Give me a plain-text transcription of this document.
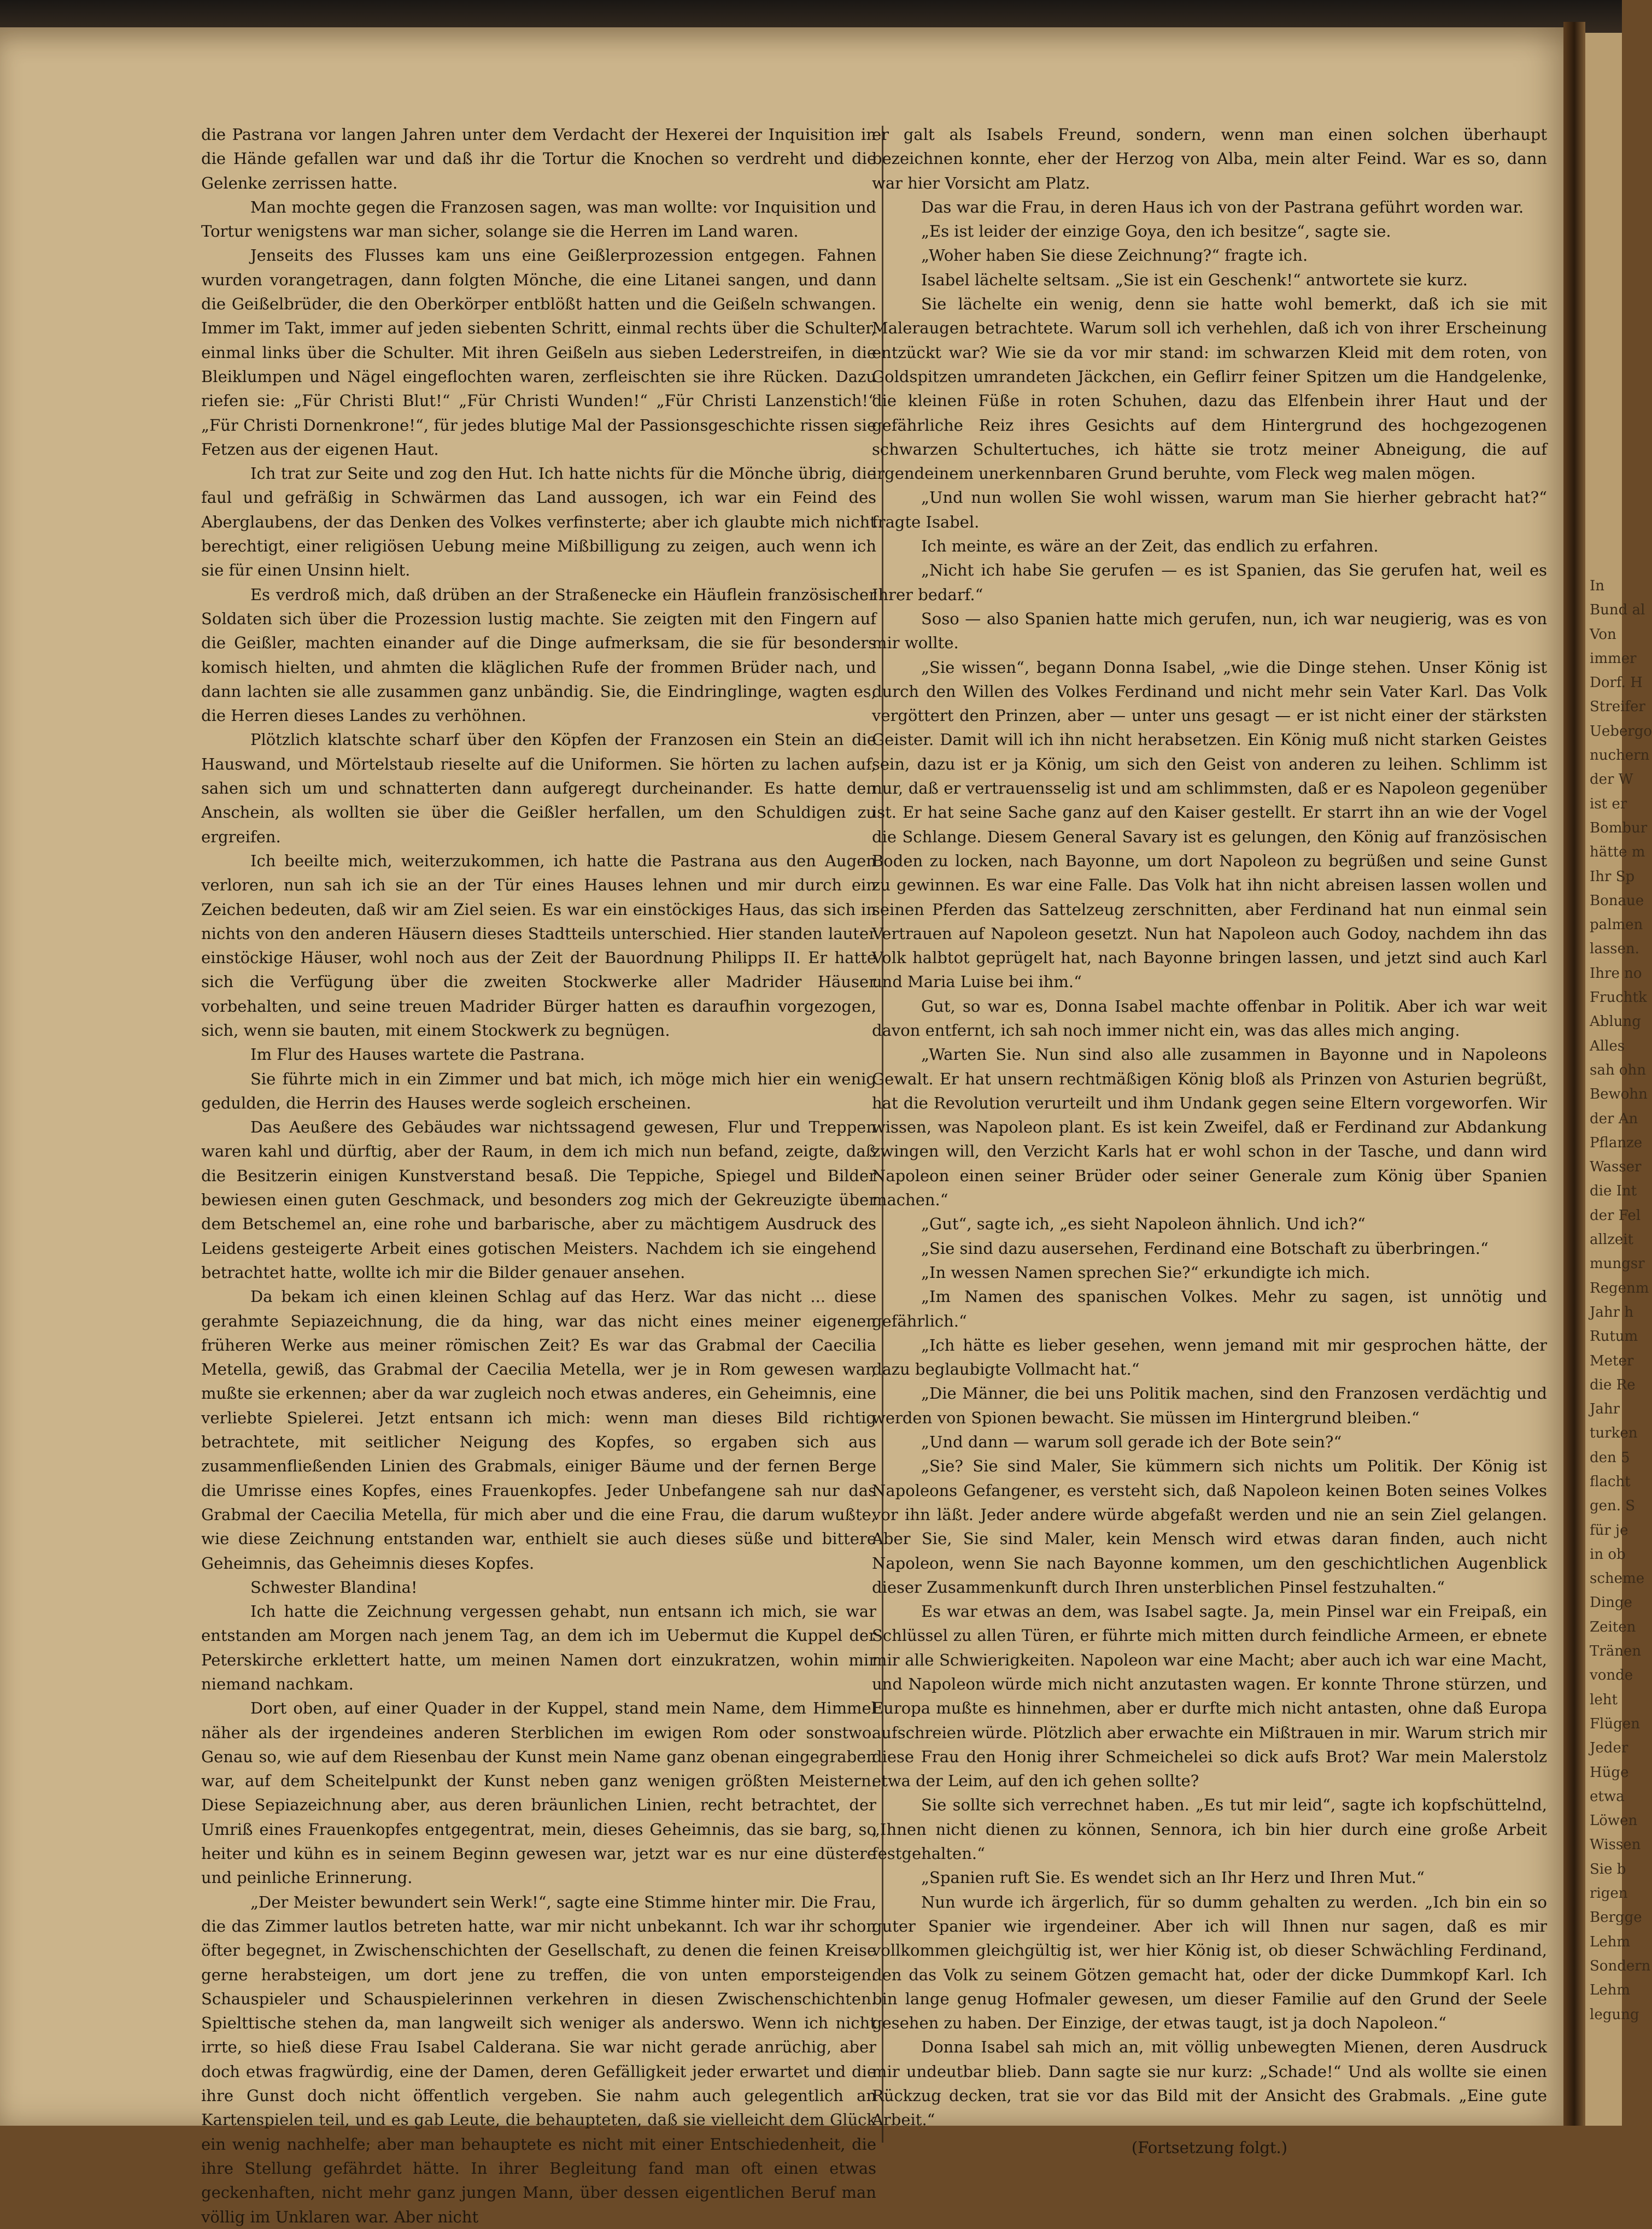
die Pastrana vor langen Jahren unter dem Verdacht der Hexerei der Inquisition in die Hände gefallen war und daß ihr die Tortur die Knochen so verdreht und die Gelenke zerrissen hatte.

Man mochte gegen die Franzosen sagen, was man wollte: vor Inquisition und Tortur wenigstens war man sicher, solange sie die Herren im Land waren.

Jenseits des Flusses kam uns eine Geißlerprozession entgegen. Fahnen wurden vorangetragen, dann folgten Mönche, die eine Litanei sangen, und dann die Geißelbrüder, die den Oberkörper entblößt hatten und die Geißeln schwangen. Immer im Takt, immer auf jeden siebenten Schritt, einmal rechts über die Schulter, einmal links über die Schulter. Mit ihren Geißeln aus sieben Lederstreifen, in die Bleiklumpen und Nägel eingeflochten waren, zerfleischten sie ihre Rücken. Dazu riefen sie: „Für Christi Blut!“ „Für Christi Wunden!“ „Für Christi Lanzenstich!“ „Für Christi Dornenkrone!“, für jedes blutige Mal der Passionsgeschichte rissen sie Fetzen aus der eigenen Haut.

Ich trat zur Seite und zog den Hut. Ich hatte nichts für die Mönche übrig, die faul und gefräßig in Schwärmen das Land aussogen, ich war ein Feind des Aberglaubens, der das Denken des Volkes verfinsterte; aber ich glaubte mich nicht berechtigt, einer religiösen Uebung meine Mißbilligung zu zeigen, auch wenn ich sie für einen Unsinn hielt.

Es verdroß mich, daß drüben an der Straßenecke ein Häuflein französischer Soldaten sich über die Prozession lustig machte. Sie zeigten mit den Fingern auf die Geißler, machten einander auf die Dinge aufmerksam, die sie für besonders komisch hielten, und ahmten die kläglichen Rufe der frommen Brüder nach, und dann lachten sie alle zusammen ganz unbändig. Sie, die Eindringlinge, wagten es, die Herren dieses Landes zu verhöhnen.

Plötzlich klatschte scharf über den Köpfen der Franzosen ein Stein an die Hauswand, und Mörtelstaub rieselte auf die Uniformen. Sie hörten zu lachen auf, sahen sich um und schnatterten dann aufgeregt durcheinander. Es hatte den Anschein, als wollten sie über die Geißler herfallen, um den Schuldigen zu ergreifen.

Ich beeilte mich, weiterzukommen, ich hatte die Pastrana aus den Augen verloren, nun sah ich sie an der Tür eines Hauses lehnen und mir durch ein Zeichen bedeuten, daß wir am Ziel seien. Es war ein einstöckiges Haus, das sich in nichts von den anderen Häusern dieses Stadtteils unterschied. Hier standen lauter einstöckige Häuser, wohl noch aus der Zeit der Bauordnung Philipps II. Er hatte sich die Verfügung über die zweiten Stockwerke aller Madrider Häuser vorbehalten, und seine treuen Madrider Bürger hatten es daraufhin vorgezogen, sich, wenn sie bauten, mit einem Stockwerk zu begnügen.

Im Flur des Hauses wartete die Pastrana.

Sie führte mich in ein Zimmer und bat mich, ich möge mich hier ein wenig gedulden, die Herrin des Hauses werde sogleich erscheinen.

Das Aeußere des Gebäudes war nichtssagend gewesen, Flur und Treppen waren kahl und dürftig, aber der Raum, in dem ich mich nun befand, zeigte, daß die Besitzerin einigen Kunstverstand besaß. Die Teppiche, Spiegel und Bilder bewiesen einen guten Geschmack, und besonders zog mich der Gekreuzigte über dem Betschemel an, eine rohe und barbarische, aber zu mächtigem Ausdruck des Leidens gesteigerte Arbeit eines gotischen Meisters. Nachdem ich sie eingehend betrachtet hatte, wollte ich mir die Bilder genauer ansehen.

Da bekam ich einen kleinen Schlag auf das Herz. War das nicht ... diese gerahmte Sepiazeichnung, die da hing, war das nicht eines meiner eigenen früheren Werke aus meiner römischen Zeit? Es war das Grabmal der Caecilia Metella, gewiß, das Grabmal der Caecilia Metella, wer je in Rom gewesen war, mußte sie erkennen; aber da war zugleich noch etwas anderes, ein Geheimnis, eine verliebte Spielerei. Jetzt entsann ich mich: wenn man dieses Bild richtig betrachtete, mit seitlicher Neigung des Kopfes, so ergaben sich aus zusammenfließenden Linien des Grabmals, einiger Bäume und der fernen Berge die Umrisse eines Kopfes, eines Frauenkopfes. Jeder Unbefangene sah nur das Grabmal der Caecilia Metella, für mich aber und die eine Frau, die darum wußte, wie diese Zeichnung entstanden war, enthielt sie auch dieses süße und bittere Geheimnis, das Geheimnis dieses Kopfes.

Schwester Blandina!

Ich hatte die Zeichnung vergessen gehabt, nun entsann ich mich, sie war entstanden am Morgen nach jenem Tag, an dem ich im Uebermut die Kuppel der Peterskirche erklettert hatte, um meinen Namen dort einzukratzen, wohin mir niemand nachkam.

Dort oben, auf einer Quader in der Kuppel, stand mein Name, dem Himmel näher als der irgendeines anderen Sterblichen im ewigen Rom oder sonstwo. Genau so, wie auf dem Riesenbau der Kunst mein Name ganz obenan eingegraben war, auf dem Scheitelpunkt der Kunst neben ganz wenigen größten Meistern. Diese Sepiazeichnung aber, aus deren bräunlichen Linien, recht betrachtet, der Umriß eines Frauenkopfes entgegentrat, mein, dieses Geheimnis, das sie barg, so heiter und kühn es in seinem Beginn gewesen war, jetzt war es nur eine düstere und peinliche Erinnerung.

„Der Meister bewundert sein Werk!“, sagte eine Stimme hinter mir. Die Frau, die das Zimmer lautlos betreten hatte, war mir nicht unbekannt. Ich war ihr schon öfter begegnet, in Zwischenschichten der Gesellschaft, zu denen die feinen Kreise gerne herabsteigen, um dort jene zu treffen, die von unten emporsteigen. Schauspieler und Schauspielerinnen verkehren in diesen Zwischenschichten. Spielttische stehen da, man langweilt sich weniger als anderswo. Wenn ich nicht irrte, so hieß diese Frau Isabel Calderana. Sie war nicht gerade anrüchig, aber doch etwas fragwürdig, eine der Damen, deren Gefälligkeit jeder erwartet und die ihre Gunst doch nicht öffentlich vergeben. Sie nahm auch gelegentlich an Kartenspielen teil, und es gab Leute, die behaupteten, daß sie vielleicht dem Glück ein wenig nachhelfe; aber man behauptete es nicht mit einer Entschiedenheit, die ihre Stellung gefährdet hätte. In ihrer Begleitung fand man oft einen etwas geckenhaften, nicht mehr ganz jungen Mann, über dessen eigentlichen Beruf man völlig im Unklaren war. Aber nicht

er galt als Isabels Freund, sondern, wenn man einen solchen überhaupt bezeichnen konnte, eher der Herzog von Alba, mein alter Feind. War es so, dann war hier Vorsicht am Platz.

Das war die Frau, in deren Haus ich von der Pastrana geführt worden war.

„Es ist leider der einzige Goya, den ich besitze“, sagte sie.

„Woher haben Sie diese Zeichnung?“ fragte ich.

Isabel lächelte seltsam. „Sie ist ein Geschenk!“ antwortete sie kurz.

Sie lächelte ein wenig, denn sie hatte wohl bemerkt, daß ich sie mit Maleraugen betrachtete. Warum soll ich verhehlen, daß ich von ihrer Erscheinung entzückt war? Wie sie da vor mir stand: im schwarzen Kleid mit dem roten, von Goldspitzen umrandeten Jäckchen, ein Geflirr feiner Spitzen um die Handgelenke, die kleinen Füße in roten Schuhen, dazu das Elfenbein ihrer Haut und der gefährliche Reiz ihres Gesichts auf dem Hintergrund des hochgezogenen schwarzen Schultertuches, ich hätte sie trotz meiner Abneigung, die auf irgendeinem unerkennbaren Grund beruhte, vom Fleck weg malen mögen.

„Und nun wollen Sie wohl wissen, warum man Sie hierher gebracht hat?“ fragte Isabel.

Ich meinte, es wäre an der Zeit, das endlich zu erfahren.

„Nicht ich habe Sie gerufen — es ist Spanien, das Sie gerufen hat, weil es Ihrer bedarf.“

Soso — also Spanien hatte mich gerufen, nun, ich war neugierig, was es von mir wollte.

„Sie wissen“, begann Donna Isabel, „wie die Dinge stehen. Unser König ist durch den Willen des Volkes Ferdinand und nicht mehr sein Vater Karl. Das Volk vergöttert den Prinzen, aber — unter uns gesagt — er ist nicht einer der stärksten Geister. Damit will ich ihn nicht herabsetzen. Ein König muß nicht starken Geistes sein, dazu ist er ja König, um sich den Geist von anderen zu leihen. Schlimm ist nur, daß er vertrauensselig ist und am schlimmsten, daß er es Napoleon gegenüber ist. Er hat seine Sache ganz auf den Kaiser gestellt. Er starrt ihn an wie der Vogel die Schlange. Diesem General Savary ist es gelungen, den König auf französischen Boden zu locken, nach Bayonne, um dort Napoleon zu begrüßen und seine Gunst zu gewinnen. Es war eine Falle. Das Volk hat ihn nicht abreisen lassen wollen und seinen Pferden das Sattelzeug zerschnitten, aber Ferdinand hat nun einmal sein Vertrauen auf Napoleon gesetzt. Nun hat Napoleon auch Godoy, nachdem ihn das Volk halbtot geprügelt hat, nach Bayonne bringen lassen, und jetzt sind auch Karl und Maria Luise bei ihm.“

Gut, so war es, Donna Isabel machte offenbar in Politik. Aber ich war weit davon entfernt, ich sah noch immer nicht ein, was das alles mich anging.

„Warten Sie. Nun sind also alle zusammen in Bayonne und in Napoleons Gewalt. Er hat unsern rechtmäßigen König bloß als Prinzen von Asturien begrüßt, hat die Revolution verurteilt und ihm Undank gegen seine Eltern vorgeworfen. Wir wissen, was Napoleon plant. Es ist kein Zweifel, daß er Ferdinand zur Abdankung zwingen will, den Verzicht Karls hat er wohl schon in der Tasche, und dann wird Napoleon einen seiner Brüder oder seiner Generale zum König über Spanien machen.“

„Gut“, sagte ich, „es sieht Napoleon ähnlich. Und ich?“

„Sie sind dazu ausersehen, Ferdinand eine Botschaft zu überbringen.“

„In wessen Namen sprechen Sie?“ erkundigte ich mich.

„Im Namen des spanischen Volkes. Mehr zu sagen, ist unnötig und gefährlich.“

„Ich hätte es lieber gesehen, wenn jemand mit mir gesprochen hätte, der dazu beglaubigte Vollmacht hat.“

„Die Männer, die bei uns Politik machen, sind den Franzosen verdächtig und werden von Spionen bewacht. Sie müssen im Hintergrund bleiben.“

„Und dann — warum soll gerade ich der Bote sein?“

„Sie? Sie sind Maler, Sie kümmern sich nichts um Politik. Der König ist Napoleons Gefangener, es versteht sich, daß Napoleon keinen Boten seines Volkes vor ihn läßt. Jeder andere würde abgefaßt werden und nie an sein Ziel gelangen. Aber Sie, Sie sind Maler, kein Mensch wird etwas daran finden, auch nicht Napoleon, wenn Sie nach Bayonne kommen, um den geschichtlichen Augenblick dieser Zusammenkunft durch Ihren unsterblichen Pinsel festzuhalten.“

Es war etwas an dem, was Isabel sagte. Ja, mein Pinsel war ein Freipaß, ein Schlüssel zu allen Türen, er führte mich mitten durch feindliche Armeen, er ebnete mir alle Schwierigkeiten. Napoleon war eine Macht; aber auch ich war eine Macht, und Napoleon würde mich nicht anzutasten wagen. Er konnte Throne stürzen, und Europa mußte es hinnehmen, aber er durfte mich nicht antasten, ohne daß Europa aufschreien würde. Plötzlich aber erwachte ein Mißtrauen in mir. Warum strich mir diese Frau den Honig ihrer Schmeichelei so dick aufs Brot? War mein Malerstolz etwa der Leim, auf den ich gehen sollte?

Sie sollte sich verrechnet haben. „Es tut mir leid“, sagte ich kopfschüttelnd, „Ihnen nicht dienen zu können, Sennora, ich bin hier durch eine große Arbeit festgehalten.“

„Spanien ruft Sie. Es wendet sich an Ihr Herz und Ihren Mut.“

Nun wurde ich ärgerlich, für so dumm gehalten zu werden. „Ich bin ein so guter Spanier wie irgendeiner. Aber ich will Ihnen nur sagen, daß es mir vollkommen gleichgültig ist, wer hier König ist, ob dieser Schwächling Ferdinand, den das Volk zu seinem Götzen gemacht hat, oder der dicke Dummkopf Karl. Ich bin lange genug Hofmaler gewesen, um dieser Familie auf den Grund der Seele gesehen zu haben. Der Einzige, der etwas taugt, ist ja doch Napoleon.“

Donna Isabel sah mich an, mit völlig unbewegten Mienen, deren Ausdruck mir undeutbar blieb. Dann sagte sie nur kurz: „Schade!“ Und als wollte sie einen Rückzug decken, trat sie vor das Bild mit der Ansicht des Grabmals. „Eine gute Arbeit.“

(Fortsetzung folgt.)

In
Bund al
Von
immer
Dorf. H
Streifer
Uebergo
nuchern
der W
ist er
Bombur
hätte m
Ihr Sp
Bonaue
palmen
lassen.
Ihre no
Fruchtk
Ablung
Alles
sah ohn
Bewohn
der An
Pflanze
Wasser
die Int
der Fel
allzeit
mungsr
Regenm
Jahr h
Rutum
Meter
die Re
Jahr
turken
den 5
flacht
gen. S
für je
in ob
scheme
Dinge
Zeiten
Tränen
vonde
leht
Flügen
Jeder
Hüge
etwa
Löwen
Wissen
Sie b
rigen
Bergge
Lehm
Sondern
Lehm
legung
